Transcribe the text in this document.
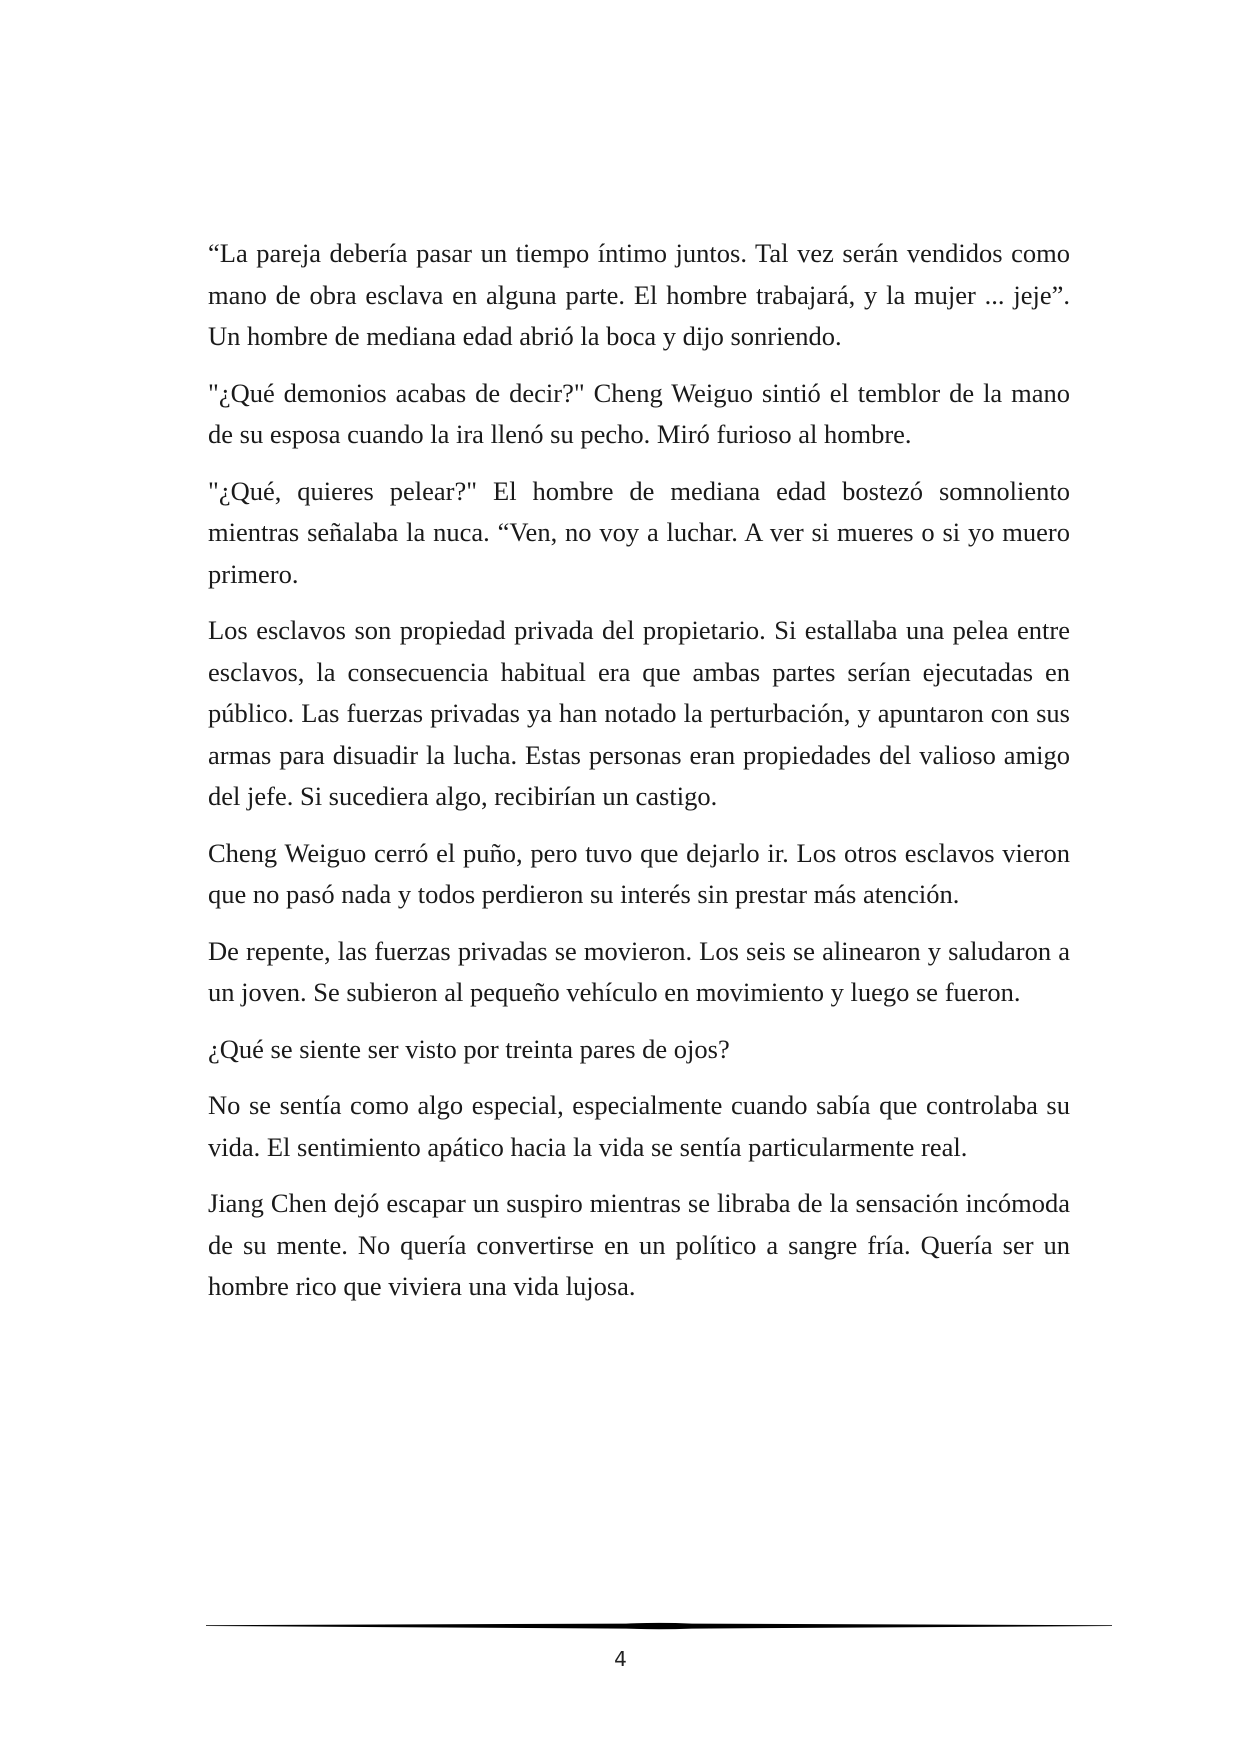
“La pareja debería pasar un tiempo íntimo juntos. Tal vez serán vendidos como mano de obra esclava en alguna parte. El hombre trabajará, y la mujer ... jeje”. Un hombre de mediana edad abrió la boca y dijo sonriendo.

"¿Qué demonios acabas de decir?" Cheng Weiguo sintió el temblor de la mano de su esposa cuando la ira llenó su pecho. Miró furioso al hombre.

"¿Qué, quieres pelear?" El hombre de mediana edad bostezó somnoliento mientras señalaba la nuca. “Ven, no voy a luchar. A ver si mueres o si yo muero primero.

Los esclavos son propiedad privada del propietario. Si estallaba una pelea entre esclavos, la consecuencia habitual era que ambas partes serían ejecutadas en público. Las fuerzas privadas ya han notado la perturbación, y apuntaron con sus armas para disuadir la lucha. Estas personas eran propiedades del valioso amigo del jefe. Si sucediera algo, recibirían un castigo.

Cheng Weiguo cerró el puño, pero tuvo que dejarlo ir. Los otros esclavos vieron que no pasó nada y todos perdieron su interés sin prestar más atención.

De repente, las fuerzas privadas se movieron. Los seis se alinearon y saludaron a un joven. Se subieron al pequeño vehículo en movimiento y luego se fueron.

¿Qué se siente ser visto por treinta pares de ojos?

No se sentía como algo especial, especialmente cuando sabía que controlaba su vida. El sentimiento apático hacia la vida se sentía particularmente real.

Jiang Chen dejó escapar un suspiro mientras se libraba de la sensación incómoda de su mente. No quería convertirse en un político a sangre fría. Quería ser un hombre rico que viviera una vida lujosa.

4
